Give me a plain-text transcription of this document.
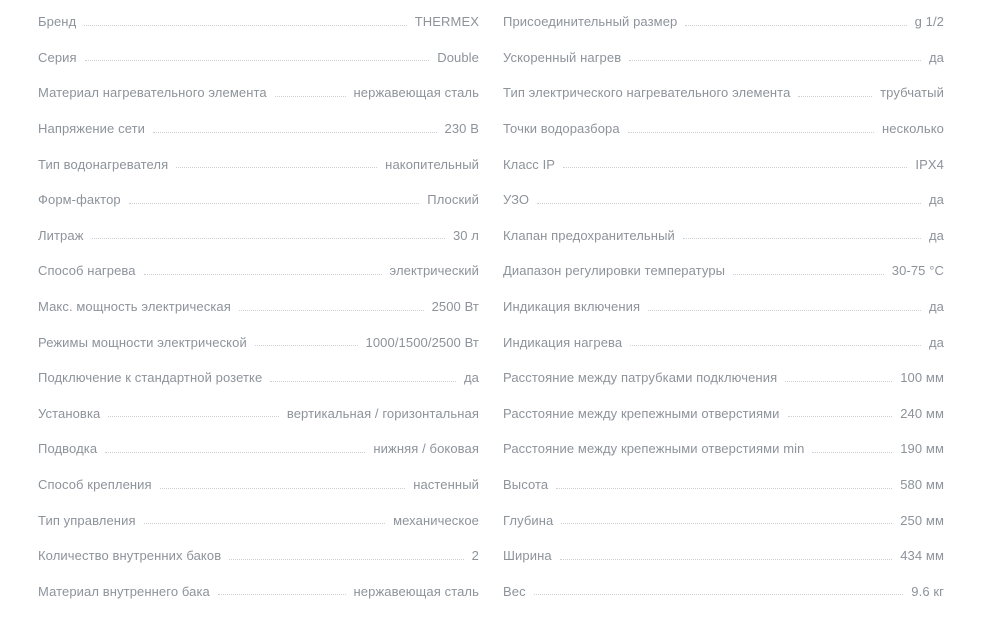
Бренд	THERMEX
Серия	Double
Материал нагревательного элемента	нержавеющая сталь
Напряжение сети	230 В
Тип водонагревателя	накопительный
Форм-фактор	Плоский
Литраж	30 л
Способ нагрева	электрический
Макс. мощность электрическая	2500 Вт
Режимы мощности электрической	1000/1500/2500 Вт
Подключение к стандартной розетке	да
Установка	вертикальная / горизонтальная
Подводка	нижняя / боковая
Способ крепления	настенный
Тип управления	механическое
Количество внутренних баков	2
Материал внутреннего бака	нержавеющая сталь
Присоединительный размер	g 1/2
Ускоренный нагрев	да
Тип электрического нагревательного элемента	трубчатый
Точки водоразбора	несколько
Класс IP	IPX4
УЗО	да
Клапан предохранительный	да
Диапазон регулировки температуры	30-75 °C
Индикация включения	да
Индикация нагрева	да
Расстояние между патрубками подключения	100 мм
Расстояние между крепежными отверстиями	240 мм
Расстояние между крепежными отверстиями min	190 мм
Высота	580 мм
Глубина	250 мм
Ширина	434 мм
Вес	9.6 кг
